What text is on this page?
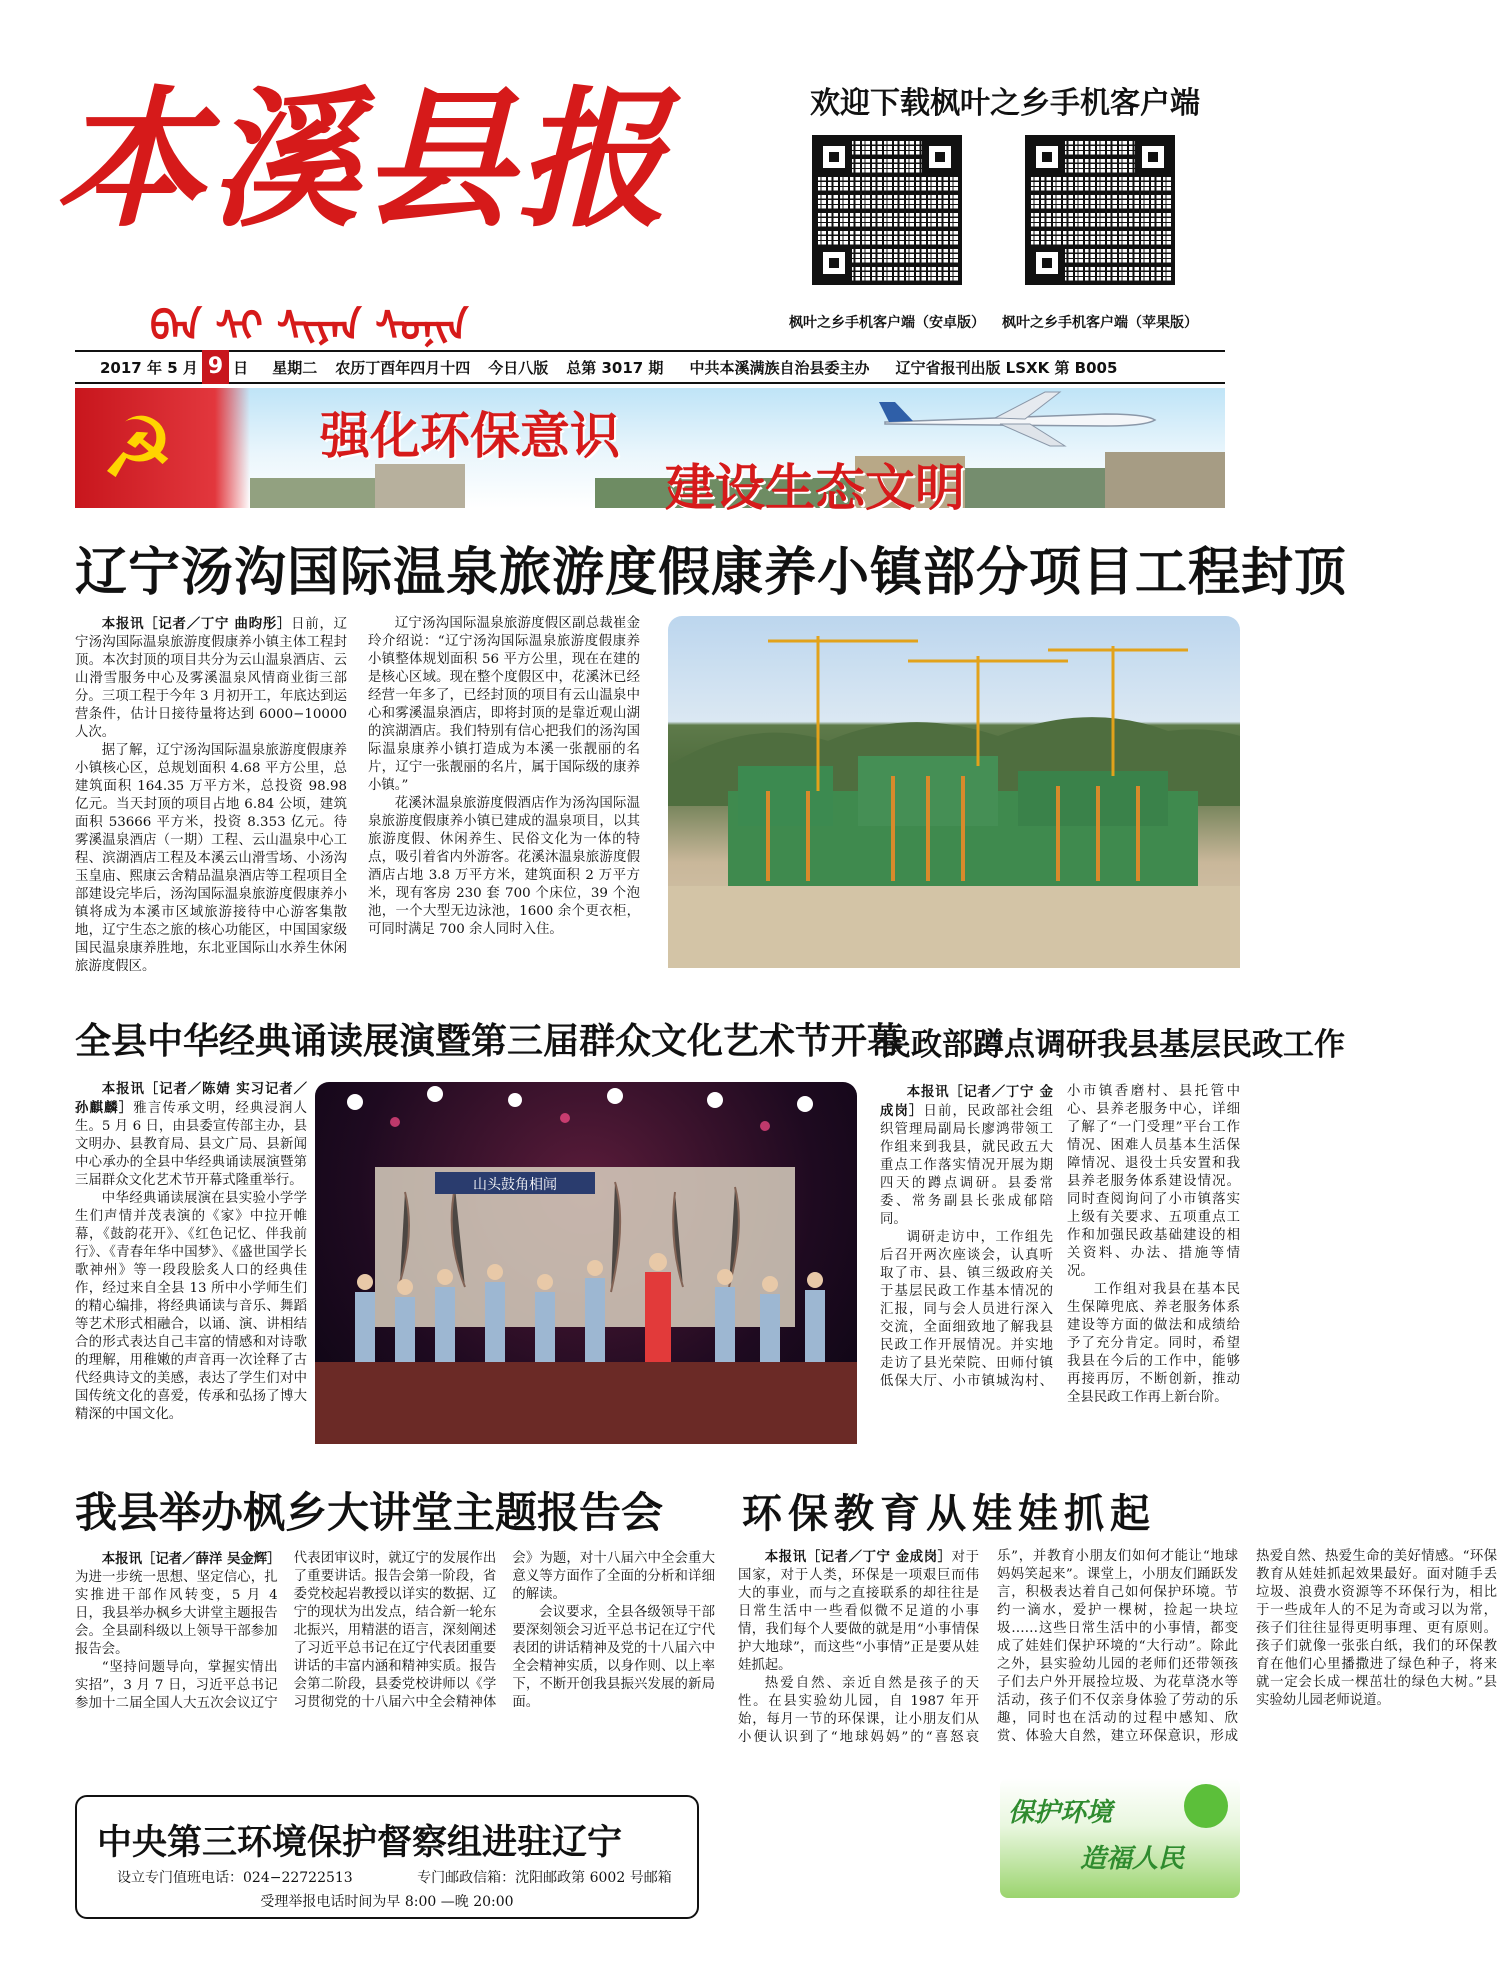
本溪县报
ᠪᠡᠨ ᠰᠢ ᠰᠢᠶᠠᠨ ᠰᠣᠨᠢᠨ
欢迎下载枫叶之乡手机客户端
枫叶之乡手机客户端（安卓版） 枫叶之乡手机客户端（苹果版）
2017 年 5 月 9 日 星期二 农历丁酉年四月十四 今日八版 总第 3017 期 中共本溪满族自治县委主办 辽宁省报刊出版 LSXK 第 B005
☭	强化环保意识
建设生态文明
辽宁汤沟国际温泉旅游度假康养小镇部分项目工程封顶

本报讯［记者／丁宁 曲昀彤］日前，辽宁汤沟国际温泉旅游度假康养小镇主体工程封顶。本次封顶的项目共分为云山温泉酒店、云山滑雪服务中心及雾溪温泉风情商业街三部分。三项工程于今年 3 月初开工，年底达到运营条件，估计日接待量将达到 6000−10000 人次。

据了解，辽宁汤沟国际温泉旅游度假康养小镇核心区，总规划面积 4.68 平方公里，总建筑面积 164.35 万平方米，总投资 98.98 亿元。当天封顶的项目占地 6.84 公顷，建筑面积 53666 平方米，投资 8.353 亿元。待雾溪温泉酒店（一期）工程、云山温泉中心工程、滨湖酒店工程及本溪云山滑雪场、小汤沟玉皇庙、熙康云舍精品温泉酒店等工程项目全部建设完毕后，汤沟国际温泉旅游度假康养小镇将成为本溪市区域旅游接待中心游客集散地，辽宁生态之旅的核心功能区，中国国家级国民温泉康养胜地，东北亚国际山水养生休闲旅游度假区。

辽宁汤沟国际温泉旅游度假区副总裁崔金玲介绍说：“辽宁汤沟国际温泉旅游度假康养小镇整体规划面积 56 平方公里，现在在建的是核心区域。现在整个度假区中，花溪沐已经经营一年多了，已经封顶的项目有云山温泉中心和雾溪温泉酒店，即将封顶的是靠近观山湖的滨湖酒店。我们特别有信心把我们的汤沟国际温泉康养小镇打造成为本溪一张靓丽的名片，辽宁一张靓丽的名片，属于国际级的康养小镇。”

花溪沐温泉旅游度假酒店作为汤沟国际温泉旅游度假康养小镇已建成的温泉项目，以其旅游度假、休闲养生、民俗文化为一体的特点，吸引着省内外游客。花溪沐温泉旅游度假酒店占地 3.8 万平方米，建筑面积 2 万平方米，现有客房 230 套 700 个床位，39 个泡池，一个大型无边泳池，1600 余个更衣柜，可同时满足 700 余人同时入住。

全县中华经典诵读展演暨第三届群众文化艺术节开幕

本报讯［记者／陈婧 实习记者／孙麒麟］雅言传承文明，经典浸润人生。5 月 6 日，由县委宣传部主办，县文明办、县教育局、县文广局、县新闻中心承办的全县中华经典诵读展演暨第三届群众文化艺术节开幕式隆重举行。

中华经典诵读展演在县实验小学学生们声情并茂表演的《家》中拉开帷幕，《鼓韵花开》、《红色记忆、伴我前行》、《青春年华中国梦》、《盛世国学长歌神州》等一段段脍炙人口的经典佳作，经过来自全县 13 所中小学师生们的精心编排，将经典诵读与音乐、舞蹈等艺术形式相融合，以诵、演、讲相结合的形式表达自己丰富的情感和对诗歌的理解，用稚嫩的声音再一次诠释了古代经典诗文的美感，表达了学生们对中国传统文化的喜爱，传承和弘扬了博大精深的中国文化。

山头鼓角相闻
民政部蹲点调研我县基层民政工作

本报讯［记者／丁宁 金成岗］日前，民政部社会组织管理局副局长廖鸿带领工作组来到我县，就民政五大重点工作落实情况开展为期四天的蹲点调研。县委常委、常务副县长张成郁陪同。

调研走访中，工作组先后召开两次座谈会，认真听取了市、县、镇三级政府关于基层民政工作基本情况的汇报，同与会人员进行深入交流，全面细致地了解我县民政工作开展情况。并实地走访了县光荣院、田师付镇低保大厅、小市镇城沟村、小市镇香磨村、县托管中心、县养老服务中心，详细了解了“一门受理”平台工作情况、困难人员基本生活保障情况、退役士兵安置和我县养老服务体系建设情况。同时查阅询问了小市镇落实上级有关要求、五项重点工作和加强民政基础建设的相关资料、办法、措施等情况。

工作组对我县在基本民生保障兜底、养老服务体系建设等方面的做法和成绩给予了充分肯定。同时，希望我县在今后的工作中，能够再接再厉，不断创新，推动全县民政工作再上新台阶。

我县举办枫乡大讲堂主题报告会

本报讯［记者／薛洋 吴金辉］为进一步统一思想、坚定信心，扎实推进干部作风转变，5 月 4 日，我县举办枫乡大讲堂主题报告会。全县副科级以上领导干部参加报告会。

“坚持问题导向，掌握实情出实招”，3 月 7 日，习近平总书记参加十二届全国人大五次会议辽宁代表团审议时，就辽宁的发展作出了重要讲话。报告会第一阶段，省委党校起岩教授以详实的数据、辽宁的现状为出发点，结合新一轮东北振兴，用精湛的语言，深刻阐述了习近平总书记在辽宁代表团重要讲话的丰富内涵和精神实质。报告会第二阶段，县委党校讲师以《学习贯彻党的十八届六中全会精神体会》为题，对十八届六中全会重大意义等方面作了全面的分析和详细的解读。

会议要求，全县各级领导干部要深刻领会习近平总书记在辽宁代表团的讲话精神及党的十八届六中全会精神实质，以身作则、以上率下，不断开创我县振兴发展的新局面。

环保教育从娃娃抓起

本报讯［记者／丁宁 金成岗］对于国家，对于人类，环保是一项艰巨而伟大的事业，而与之直接联系的却往往是日常生活中一些看似微不足道的小事情，我们每个人要做的就是用“小事情保护大地球”，而这些“小事情”正是要从娃娃抓起。

热爱自然、亲近自然是孩子的天性。在县实验幼儿园，自 1987 年开始，每月一节的环保课，让小朋友们从小便认识到了“地球妈妈”的“喜怒哀乐”，并教育小朋友们如何才能让“地球妈妈笑起来”。课堂上，小朋友们踊跃发言，积极表达着自己如何保护环境。节约一滴水，爱护一棵树，捡起一块垃圾……这些日常生活中的小事情，都变成了娃娃们保护环境的“大行动”。除此之外，县实验幼儿园的老师们还带领孩子们去户外开展捡垃圾、为花草浇水等活动，孩子们不仅亲身体验了劳动的乐趣，同时也在活动的过程中感知、欣赏、体验大自然，建立环保意识，形成热爱自然、热爱生命的美好情感。“环保教育从娃娃抓起效果最好。面对随手丢垃圾、浪费水资源等不环保行为，相比于一些成年人的不足为奇或习以为常，孩子们往往显得更明事理、更有原则。孩子们就像一张张白纸，我们的环保教育在他们心里播撒进了绿色种子，将来就一定会长成一棵茁壮的绿色大树。”县实验幼儿园老师说道。

保护环境
造福人民
中央第三环境保护督察组进驻辽宁
设立专门值班电话：024−22722513	专门邮政信箱：沈阳邮政第 6002 号邮箱
受理举报电话时间为早 8:00 —晚 20:00
